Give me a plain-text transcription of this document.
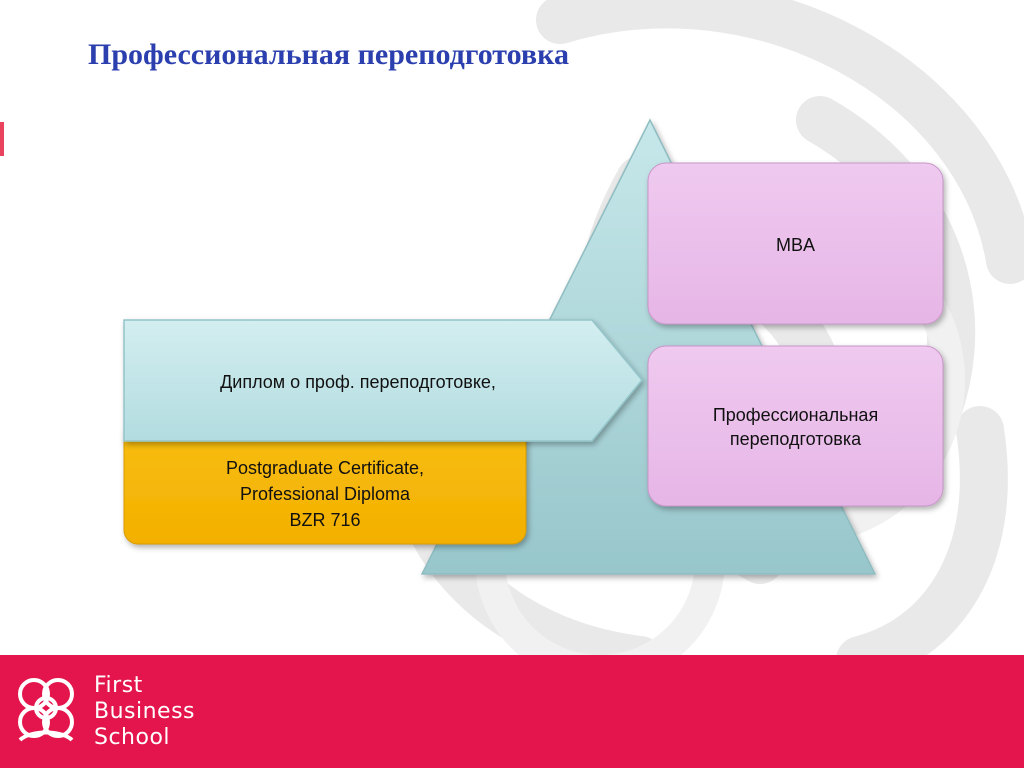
Профессиональная переподготовка
MBA
Профессиональная
переподготовка
Диплом о проф. переподготовке,
Postgraduate Certificate,
Professional Diploma
BZR 716
First
Business
School
